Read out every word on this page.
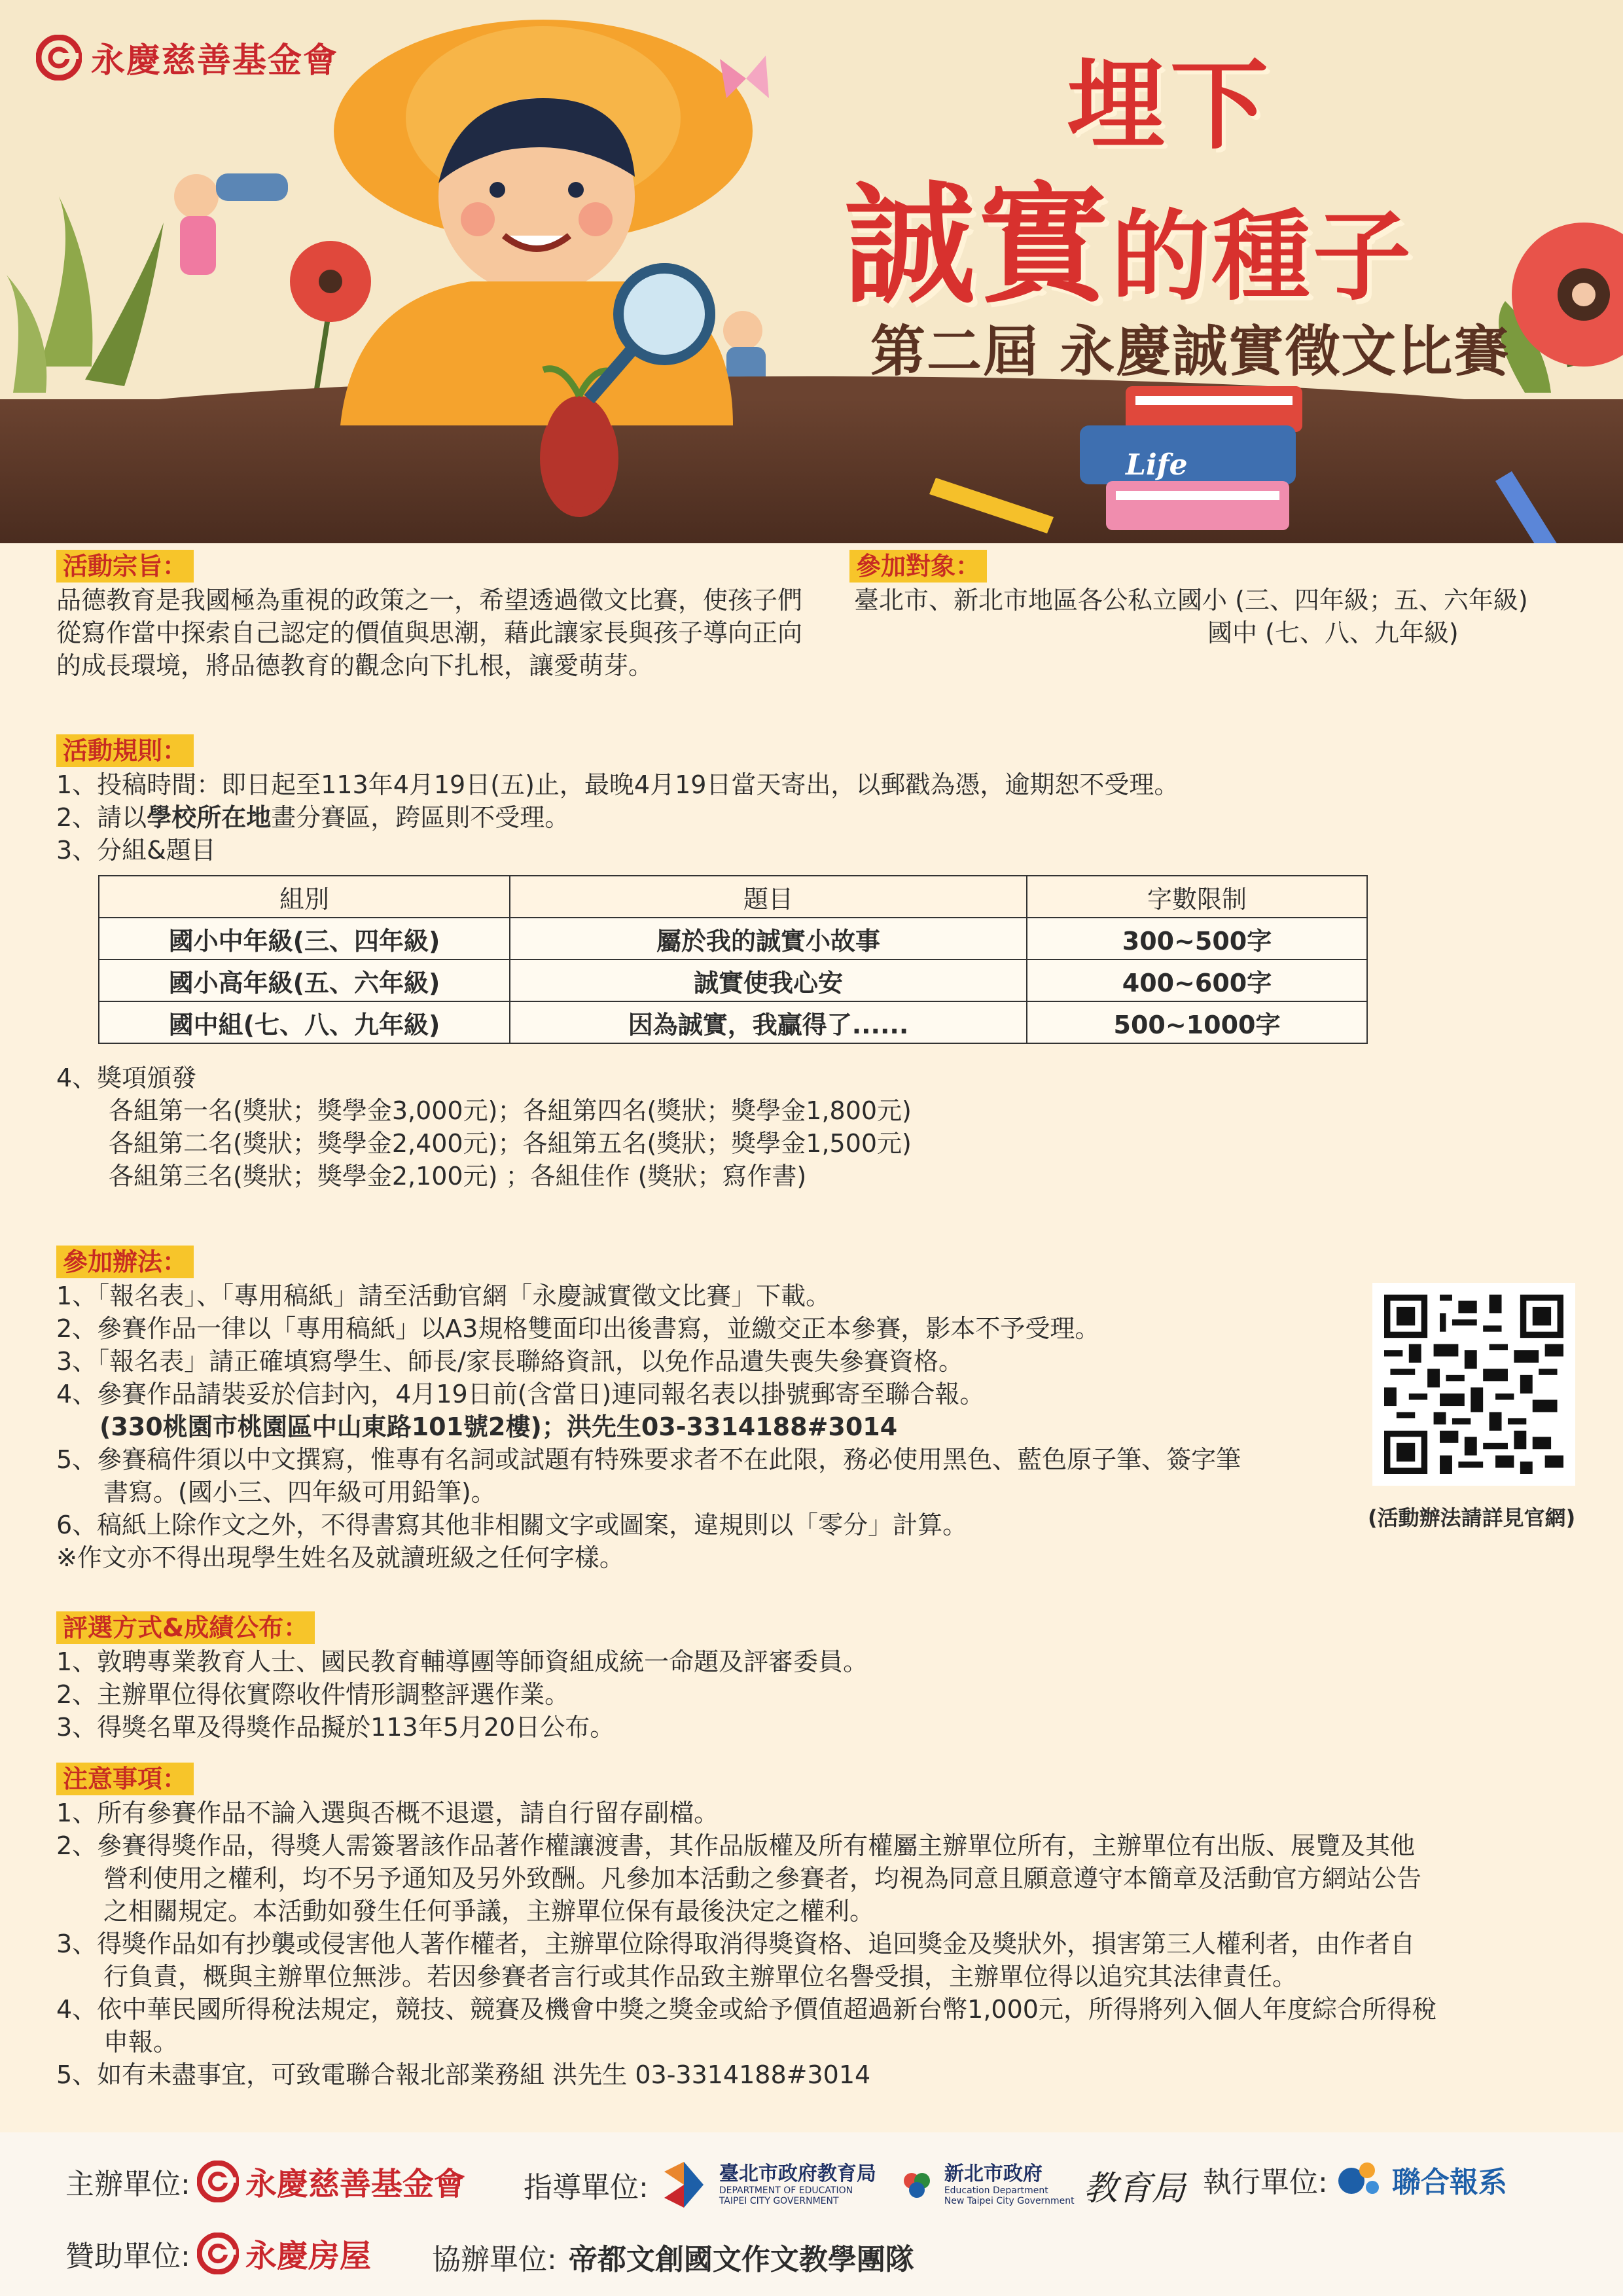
Life
永慶慈善基金會	埋下
誠實的種子
第二屆 永慶誠實徵文比賽
活動宗旨：
品德教育是我國極為重視的政策之一，希望透過徵文比賽，使孩子們從寫作當中探索自己認定的價值與思潮，藉此讓家長與孩子導向正向的成長環境，將品德教育的觀念向下扎根，讓愛萌芽。
參加對象：
臺北市、新北市地區各公私立國小 (三、四年級；五、六年級)
國中 (七、八、九年級)
活動規則：
1、投稿時間：即日起至113年4月19日(五)止，最晚4月19日當天寄出，以郵戳為憑，逾期恕不受理。
2、請以學校所在地畫分賽區，跨區則不受理。
3、分組&題目
組別	題目	字數限制
國小中年級(三、四年級)	屬於我的誠實小故事	300~500字
國小高年級(五、六年級)	誠實使我心安	400~600字
國中組(七、八、九年級)	因為誠實，我贏得了......	500~1000字
4、獎項頒發
各組第一名(獎狀；獎學金3,000元)；各組第四名(獎狀；獎學金1,800元)
各組第二名(獎狀；獎學金2,400元)；各組第五名(獎狀；獎學金1,500元)
各組第三名(獎狀；獎學金2,100元) ；各組佳作 (獎狀；寫作書)
參加辦法：
1、「報名表」、「專用稿紙」請至活動官網「永慶誠實徵文比賽」下載。
2、參賽作品一律以「專用稿紙」以A3規格雙面印出後書寫，並繳交正本參賽，影本不予受理。
3、「報名表」請正確填寫學生、師長/家長聯絡資訊，以免作品遺失喪失參賽資格。
4、參賽作品請裝妥於信封內，4月19日前(含當日)連同報名表以掛號郵寄至聯合報。
(330桃園市桃園區中山東路101號2樓)；洪先生03-3314188#3014
5、參賽稿件須以中文撰寫，惟專有名詞或試題有特殊要求者不在此限，務必使用黑色、藍色原子筆、簽字筆
書寫。(國小三、四年級可用鉛筆)。
6、稿紙上除作文之外，不得書寫其他非相關文字或圖案，違規則以「零分」計算。
※作文亦不得出現學生姓名及就讀班級之任何字樣。
(活動辦法請詳見官網)
評選方式&成績公布：
1、敦聘專業教育人士、國民教育輔導團等師資組成統一命題及評審委員。
2、主辦單位得依實際收件情形調整評選作業。
3、得獎名單及得獎作品擬於113年5月20日公布。
注意事項：
1、所有參賽作品不論入選與否概不退還，請自行留存副檔。
2、參賽得獎作品，得獎人需簽署該作品著作權讓渡書，其作品版權及所有權屬主辦單位所有，主辦單位有出版、展覽及其他
營利使用之權利，均不另予通知及另外致酬。凡參加本活動之參賽者，均視為同意且願意遵守本簡章及活動官方網站公告
之相關規定。本活動如發生任何爭議，主辦單位保有最後決定之權利。
3、得獎作品如有抄襲或侵害他人著作權者，主辦單位除得取消得獎資格、追回獎金及獎狀外，損害第三人權利者，由作者自
行負責，概與主辦單位無涉。若因參賽者言行或其作品致主辦單位名譽受損，主辦單位得以追究其法律責任。
4、依中華民國所得稅法規定，競技、競賽及機會中獎之獎金或給予價值超過新台幣1,000元，所得將列入個人年度綜合所得稅
申報。
5、如有未盡事宜，可致電聯合報北部業務組 洪先生 03-3314188#3014
主辦單位: 永慶慈善基金會 指導單位:	臺北市政府教育局
DEPARTMENT OF EDUCATION
TAIPEI CITY GOVERNMENT
新北市政府
Education Department
New Taipei City Government 教育局 執行單位: 聯合報系
贊助單位: 永慶房屋 協辦單位: 帝都文創國文作文教學團隊
